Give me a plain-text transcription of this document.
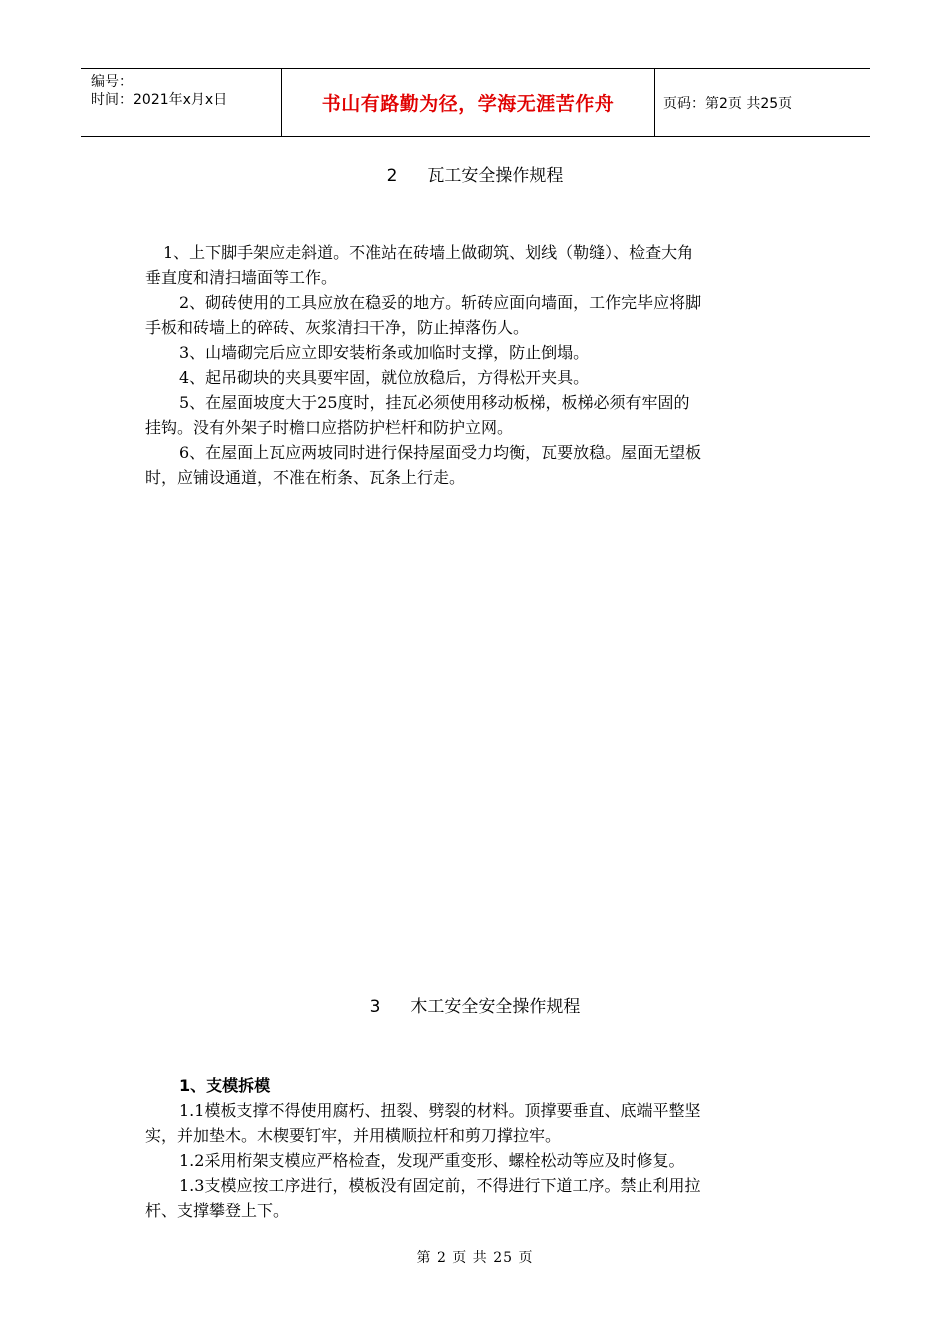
编号：
时间：2021年x月x日	书山有路勤为径，学海无涯苦作舟	页码：第2页 共25页
2 瓦工安全操作规程
1、上下脚手架应走斜道。不准站在砖墙上做砌筑、划线（勒缝）、检查大角
垂直度和清扫墙面等工作。
2、砌砖使用的工具应放在稳妥的地方。斩砖应面向墙面，工作完毕应将脚
手板和砖墙上的碎砖、灰浆清扫干净，防止掉落伤人。
3、山墙砌完后应立即安装桁条或加临时支撑，防止倒塌。
4、起吊砌块的夹具要牢固，就位放稳后，方得松开夹具。
5、在屋面坡度大于25度时，挂瓦必须使用移动板梯，板梯必须有牢固的
挂钩。没有外架子时檐口应搭防护栏杆和防护立网。
6、在屋面上瓦应两坡同时进行保持屋面受力均衡，瓦要放稳。屋面无望板
时，应铺设通道，不准在桁条、瓦条上行走。
3 木工安全安全操作规程
1、支模拆模
1.1模板支撑不得使用腐朽、扭裂、劈裂的材料。顶撑要垂直、底端平整坚
实，并加垫木。木楔要钉牢，并用横顺拉杆和剪刀撑拉牢。
1.2采用桁架支模应严格检查，发现严重变形、螺栓松动等应及时修复。
1.3支模应按工序进行，模板没有固定前，不得进行下道工序。禁止利用拉
杆、支撑攀登上下。
第 2 页 共 25 页
